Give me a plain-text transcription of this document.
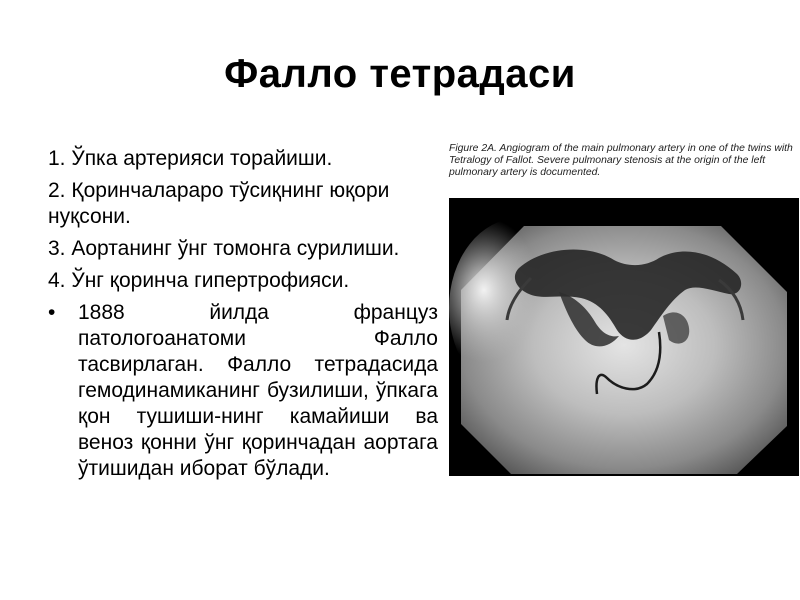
Фалло тетрадаси
1. Ўпка артерияси торайиши.
2. Қоринчалараро тўсиқнинг юқори нуқсони.
3. Аортанинг ўнг томонга сурилиши.
4. Ўнг қоринча гипертрофияси.
• 1888 йилда француз патологоанатоми Фалло тасвирлаган. Фалло тетрадасида гемодинамиканинг бузилиши, ўпкага қон тушиши-нинг камайиши ва веноз қонни ўнг қоринчадан аортага ўтишидан иборат бўлади.
Figure 2A. Angiogram of the main pulmonary artery in one of the twins with Tetralogy of Fallot. Severe pulmonary stenosis at the origin of the left pulmonary artery is documented.
